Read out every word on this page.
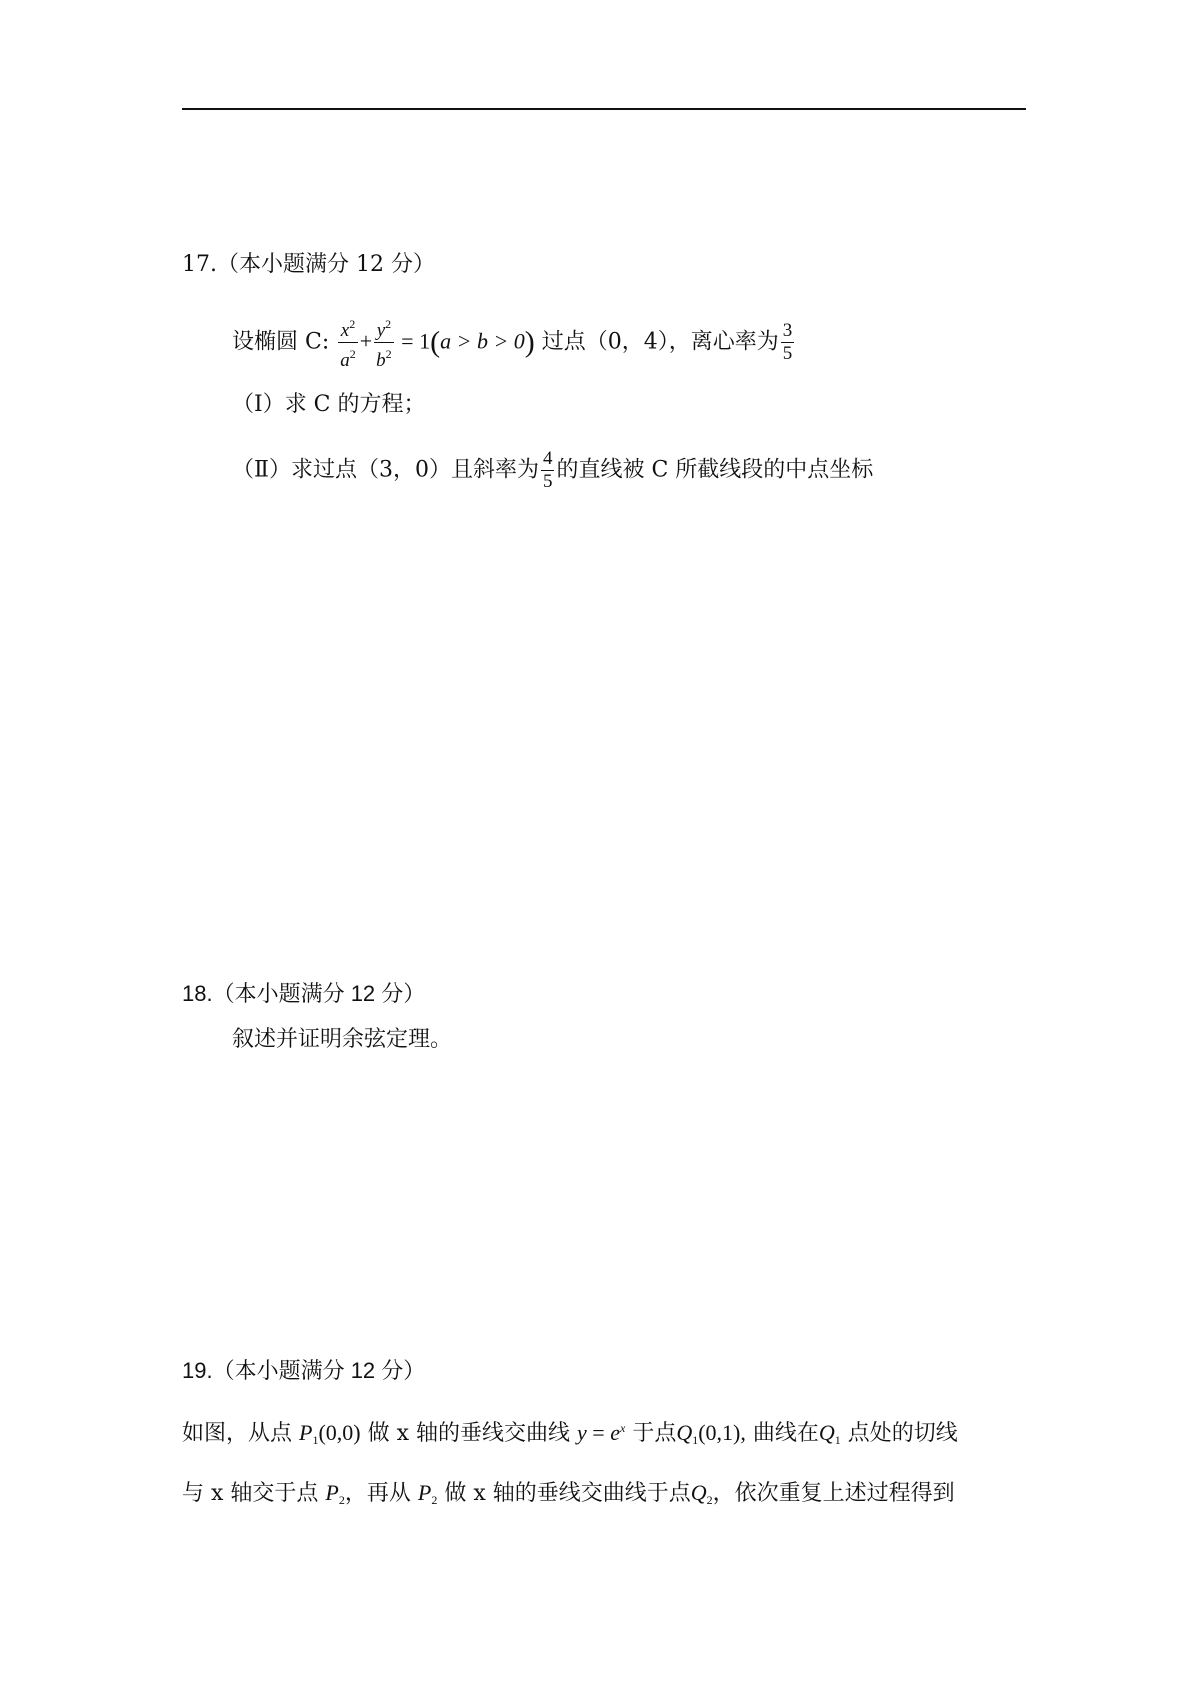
17.（本小题满分 12 分）
设椭圆 C: $\frac{x^2}{a^2} + \frac{y^2}{b^2} = 1(a > b > 0)$ 过点（0，4），离心率为 $\frac{3}{5}$
（Ⅰ）求 C 的方程；
（Ⅱ）求过点（3，0）且斜率为 $\frac{4}{5}$ 的直线被 C 所截线段的中点坐标
18.（本小题满分 12 分）
叙述并证明余弦定理。
19.（本小题满分 12 分）
如图，从点 $P_1(0,0)$ 做 x 轴的垂线交曲线 $y = e^x$ 于点$Q_1(0,1)$, 曲线在$Q_1$ 点处的切线
与 x 轴交于点 $P_2$，再从 $P_2$ 做 x 轴的垂线交曲线于点$Q_2$，依次重复上述过程得到
